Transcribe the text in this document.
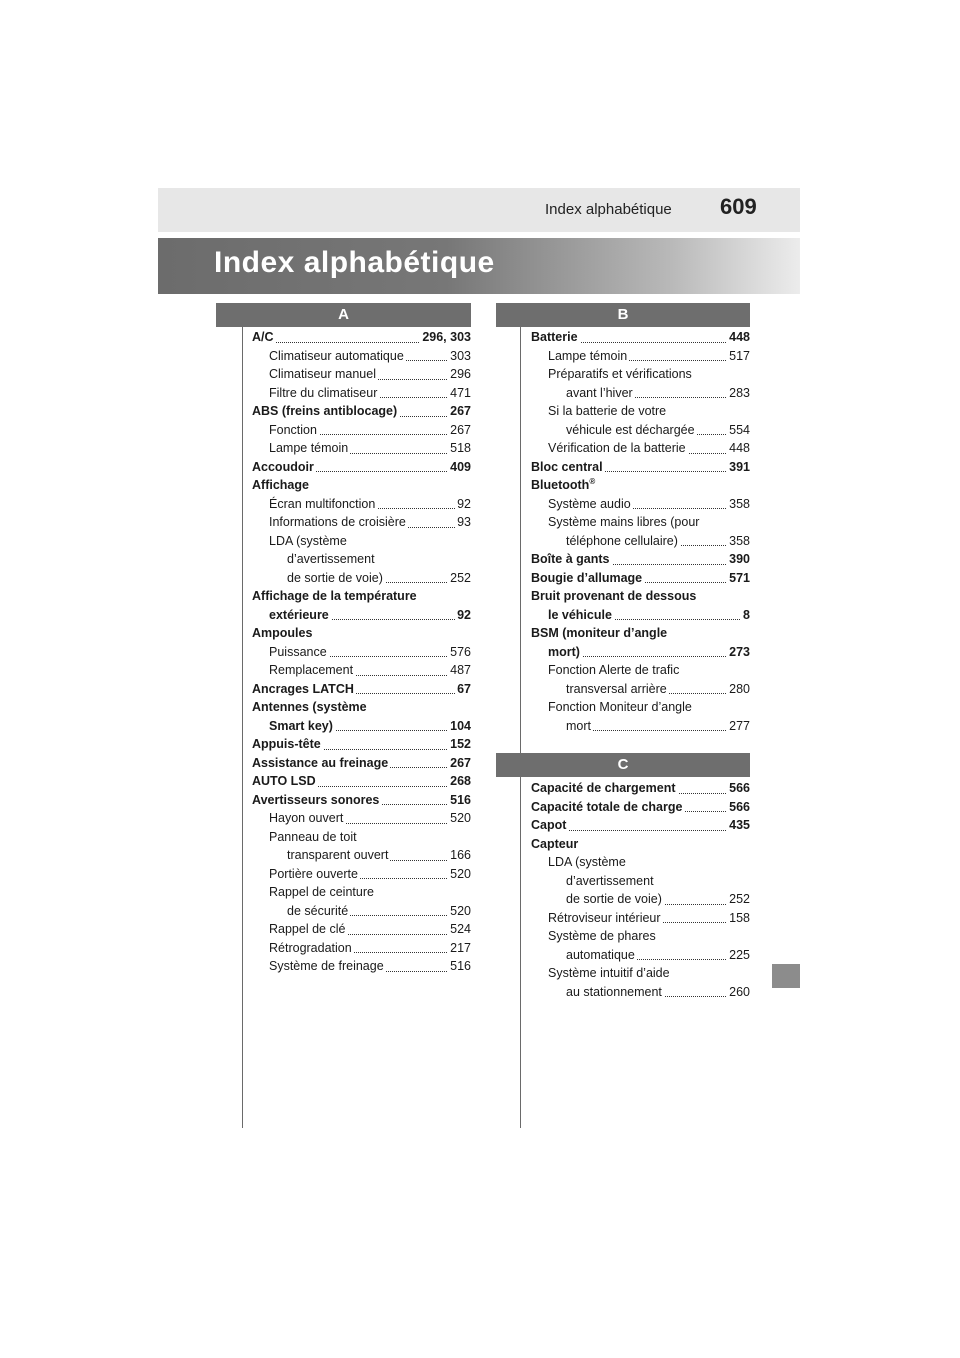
Index alphabétique 609
Index alphabétique
A	B
C
A/C	296, 303
Climatiseur automatique	303
Climatiseur manuel	296
Filtre du climatiseur	471
ABS (freins antiblocage)	267
Fonction	267
Lampe témoin	518
Accoudoir	409
Affichage
Écran multifonction	92
Informations de croisière	93
LDA (système
d’avertissement
de sortie de voie)	252
Affichage de la température
extérieure	92
Ampoules
Puissance	576
Remplacement	487
Ancrages LATCH	67
Antennes (système
Smart key)	104
Appuis-tête	152
Assistance au freinage	267
AUTO LSD	268
Avertisseurs sonores	516
Hayon ouvert	520
Panneau de toit
transparent ouvert	166
Portière ouverte	520
Rappel de ceinture
de sécurité	520
Rappel de clé	524
Rétrogradation	217
Système de freinage	516
Batterie	448
Lampe témoin	517
Préparatifs et vérifications
avant l’hiver	283
Si la batterie de votre
véhicule est déchargée	554
Vérification de la batterie	448
Bloc central	391
Bluetooth®
Système audio	358
Système mains libres (pour
téléphone cellulaire)	358
Boîte à gants	390
Bougie d’allumage	571
Bruit provenant de dessous
le véhicule	8
BSM (moniteur d’angle
mort)	273
Fonction Alerte de trafic
transversal arrière	280
Fonction Moniteur d’angle
mort	277
Capacité de chargement	566
Capacité totale de charge	566
Capot	435
Capteur
LDA (système
d’avertissement
de sortie de voie)	252
Rétroviseur intérieur	158
Système de phares
automatique	225
Système intuitif d’aide
au stationnement	260
